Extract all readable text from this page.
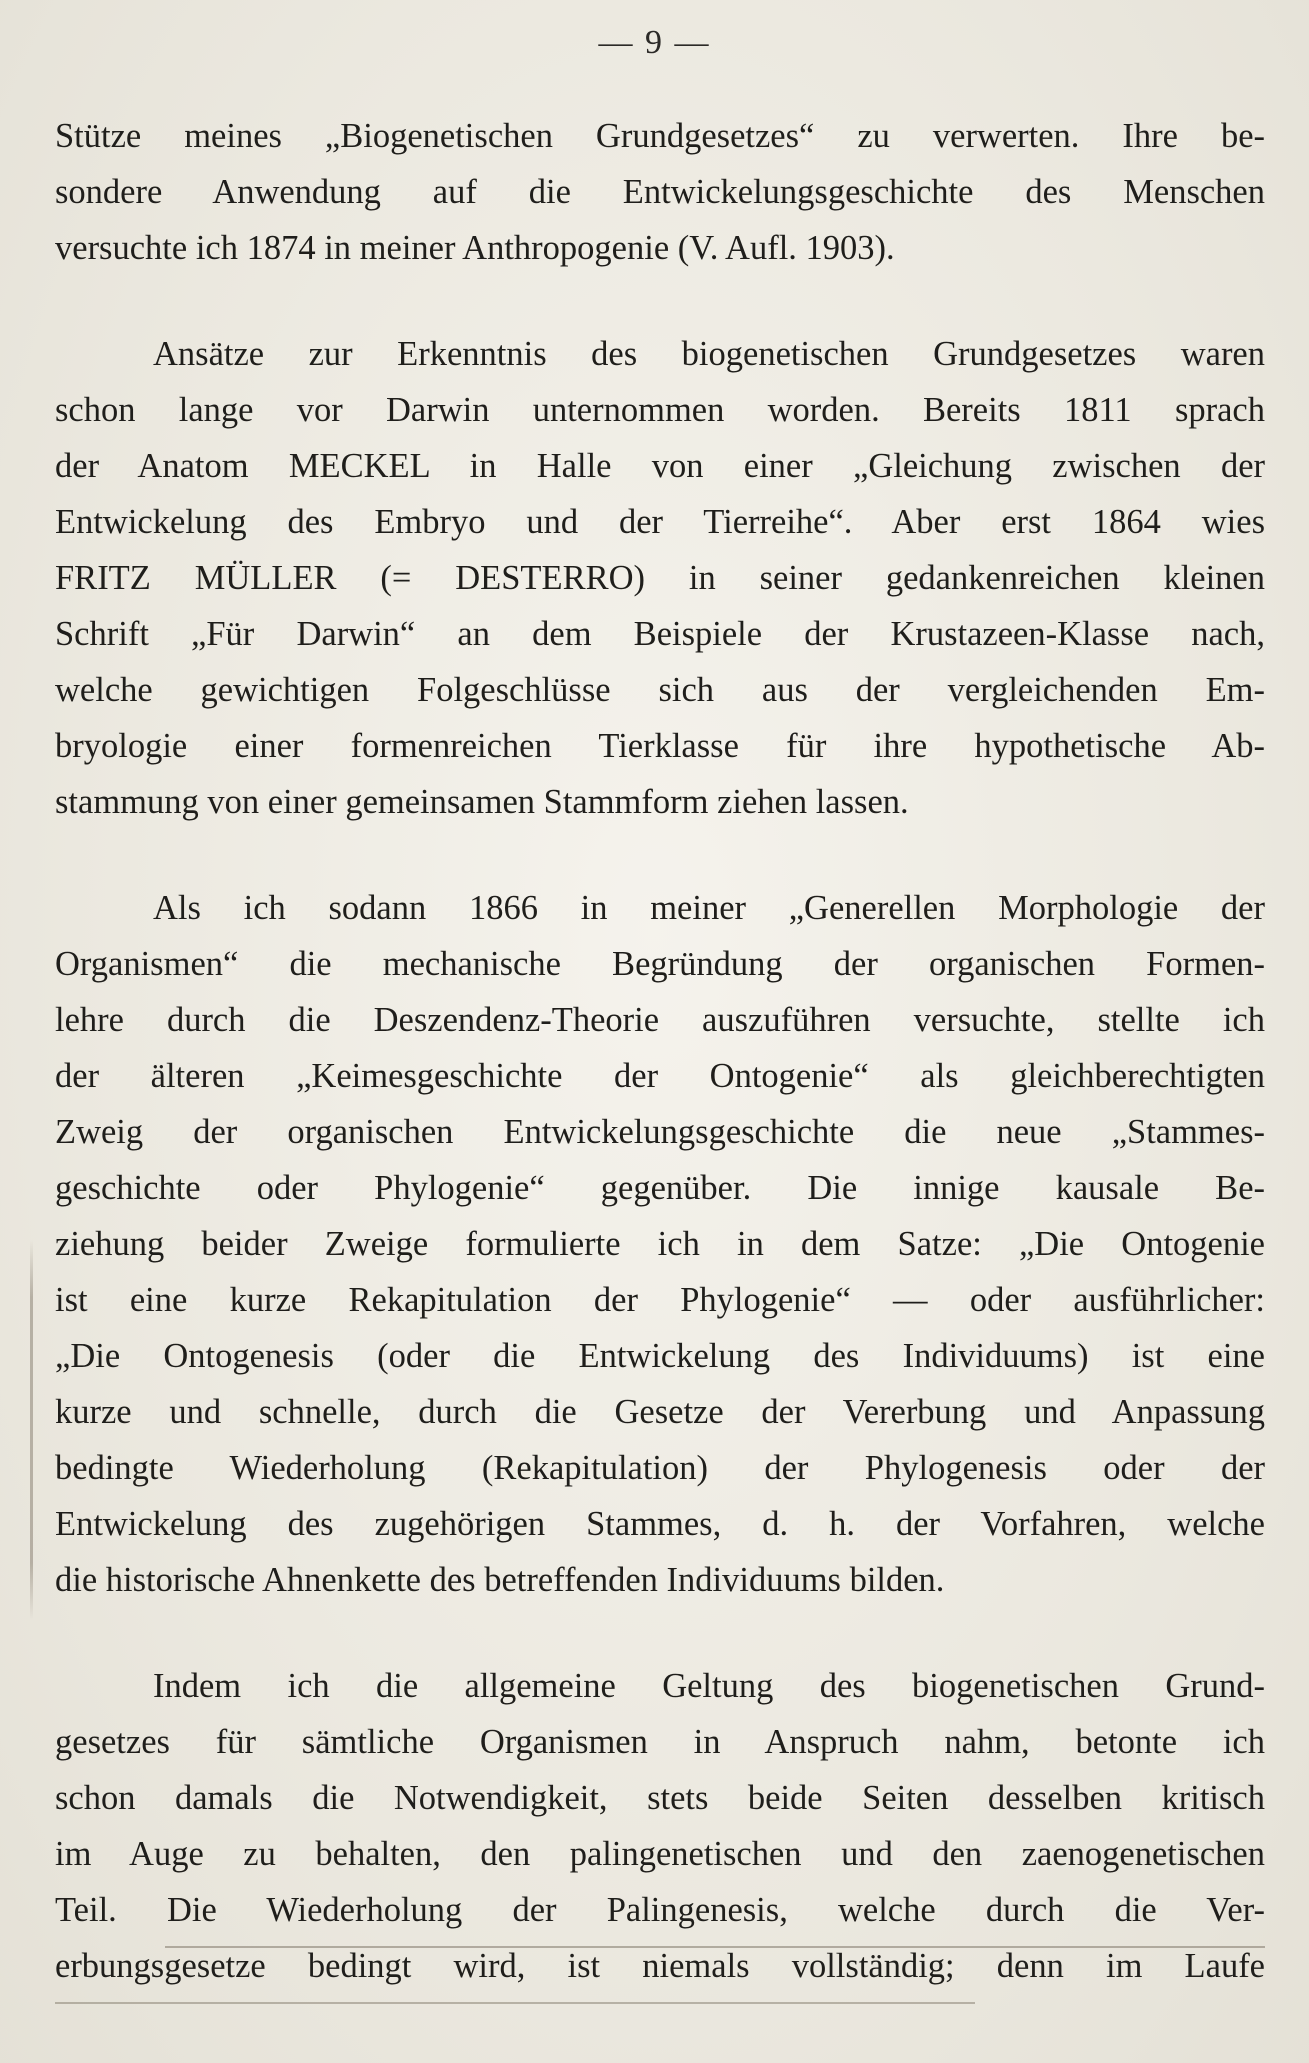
— 9 —
Stütze meines „Biogenetischen Grundgesetzes“ zu verwerten. Ihre be-
sondere Anwendung auf die Entwickelungsgeschichte des Menschen
versuchte ich 1874 in meiner Anthropogenie (V. Aufl. 1903).
Ansätze zur Erkenntnis des biogenetischen Grundgesetzes waren
schon lange vor Darwin unternommen worden. Bereits 1811 sprach
der Anatom MECKEL in Halle von einer „Gleichung zwischen der
Entwickelung des Embryo und der Tierreihe“. Aber erst 1864 wies
FRITZ MÜLLER (= DESTERRO) in seiner gedankenreichen kleinen
Schrift „Für Darwin“ an dem Beispiele der Krustazeen-Klasse nach,
welche gewichtigen Folgeschlüsse sich aus der vergleichenden Em-
bryologie einer formenreichen Tierklasse für ihre hypothetische Ab-
stammung von einer gemeinsamen Stammform ziehen lassen.
Als ich sodann 1866 in meiner „Generellen Morphologie der
Organismen“ die mechanische Begründung der organischen Formen-
lehre durch die Deszendenz-Theorie auszuführen versuchte, stellte ich
der älteren „Keimesgeschichte der Ontogenie“ als gleichberechtigten
Zweig der organischen Entwickelungsgeschichte die neue „Stammes-
geschichte oder Phylogenie“ gegenüber. Die innige kausale Be-
ziehung beider Zweige formulierte ich in dem Satze: „Die Ontogenie
ist eine kurze Rekapitulation der Phylogenie“ — oder ausführlicher:
„Die Ontogenesis (oder die Entwickelung des Individuums) ist eine
kurze und schnelle, durch die Gesetze der Vererbung und Anpassung
bedingte Wiederholung (Rekapitulation) der Phylogenesis oder der
Entwickelung des zugehörigen Stammes, d. h. der Vorfahren, welche
die historische Ahnenkette des betreffenden Individuums bilden.
Indem ich die allgemeine Geltung des biogenetischen Grund-
gesetzes für sämtliche Organismen in Anspruch nahm, betonte ich
schon damals die Notwendigkeit, stets beide Seiten desselben kritisch
im Auge zu behalten, den palingenetischen und den zaenogenetischen
Teil. Die Wiederholung der Palingenesis, welche durch die Ver-
erbungsgesetze bedingt wird, ist niemals vollständig; denn im Laufe
